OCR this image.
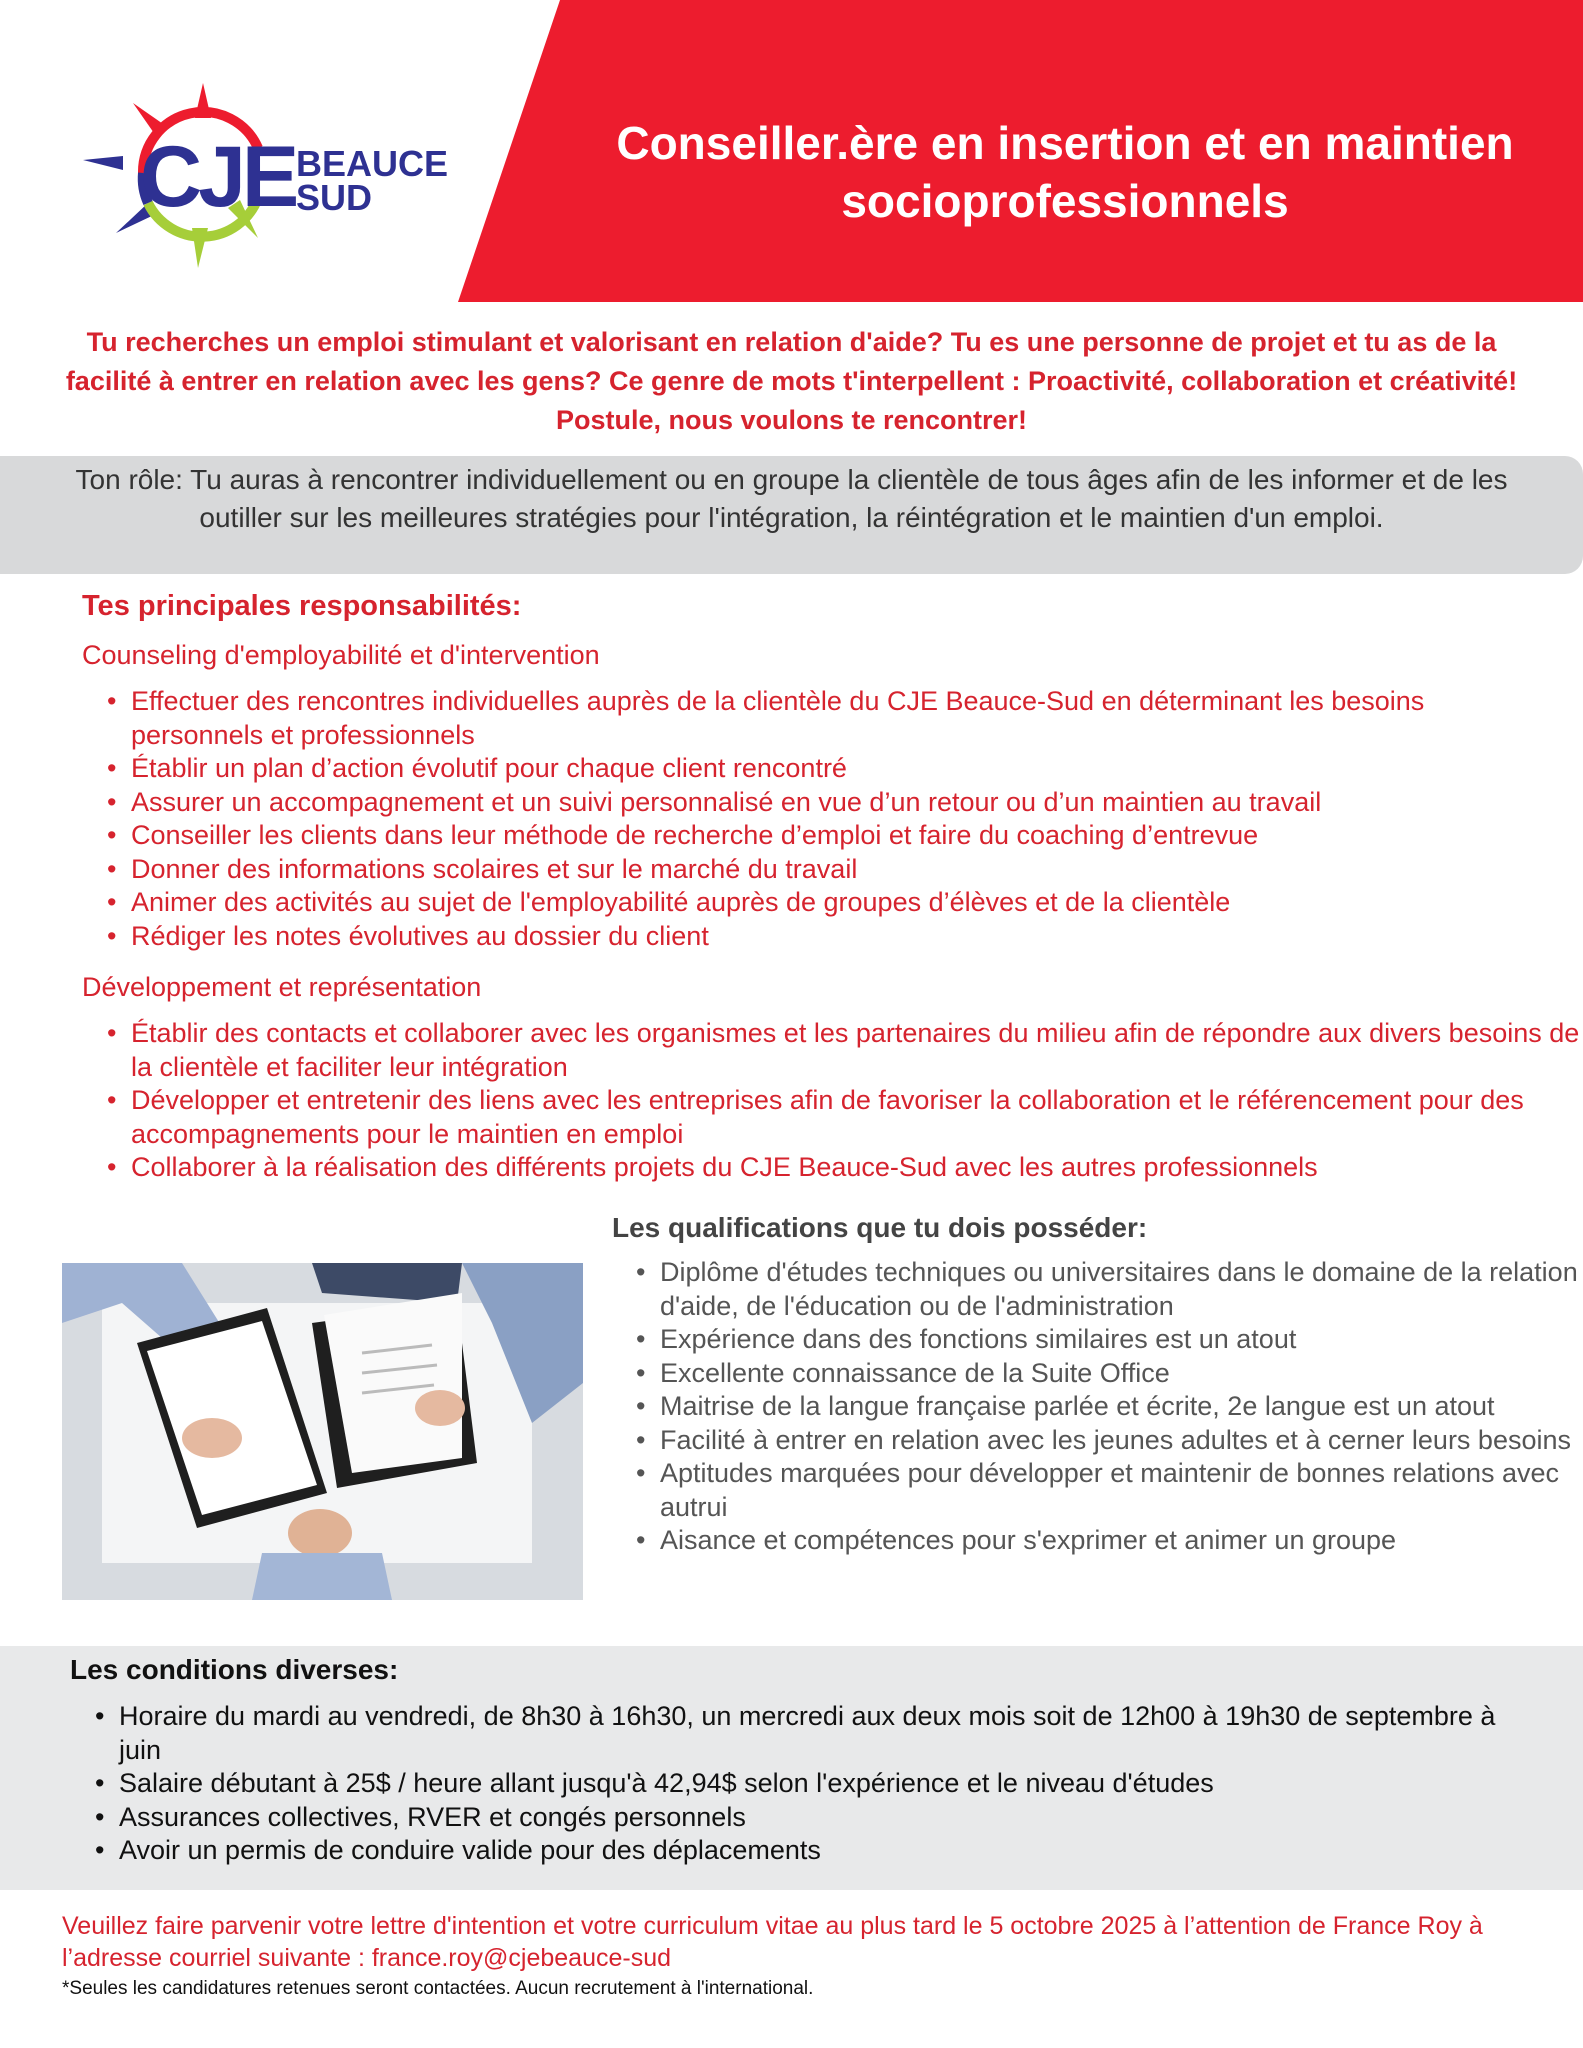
CJE BEAUCE
SUD
Conseiller.ère en insertion et en maintien socioprofessionnels

Tu recherches un emploi stimulant et valorisant en relation d'aide? Tu es une personne de projet et tu as de la facilité à entrer en relation avec les gens? Ce genre de mots t'interpellent : Proactivité, collaboration et créativité! Postule, nous voulons te rencontrer!

Ton rôle: Tu auras à rencontrer individuellement ou en groupe la clientèle de tous âges afin de les informer et de les outiller sur les meilleures stratégies pour l'intégration, la réintégration et le maintien d'un emploi.

Tes principales responsabilités:
Counseling d'employabilité et d'intervention
• Effectuer des rencontres individuelles auprès de la clientèle du CJE Beauce-Sud en déterminant les besoins personnels et professionnels
• Établir un plan d’action évolutif pour chaque client rencontré
• Assurer un accompagnement et un suivi personnalisé en vue d’un retour ou d’un maintien au travail
• Conseiller les clients dans leur méthode de recherche d’emploi et faire du coaching d’entrevue
• Donner des informations scolaires et sur le marché du travail
• Animer des activités au sujet de l'employabilité auprès de groupes d’élèves et de la clientèle
• Rédiger les notes évolutives au dossier du client
Développement et représentation
• Établir des contacts et collaborer avec les organismes et les partenaires du milieu afin de répondre aux divers besoins de la clientèle et faciliter leur intégration
• Développer et entretenir des liens avec les entreprises afin de favoriser la collaboration et le référencement pour des accompagnements pour le maintien en emploi
• Collaborer à la réalisation des différents projets du CJE Beauce-Sud avec les autres professionnels
Les qualifications que tu dois posséder:
• Diplôme d'études techniques ou universitaires dans le domaine de la relation d'aide, de l'éducation ou de l'administration
• Expérience dans des fonctions similaires est un atout
• Excellente connaissance de la Suite Office
• Maitrise de la langue française parlée et écrite, 2e langue est un atout
• Facilité à entrer en relation avec les jeunes adultes et à cerner leurs besoins
• Aptitudes marquées pour développer et maintenir de bonnes relations avec autrui
• Aisance et compétences pour s'exprimer et animer un groupe
Les conditions diverses:
• Horaire du mardi au vendredi, de 8h30 à 16h30, un mercredi aux deux mois soit de 12h00 à 19h30 de septembre à juin
• Salaire débutant à 25$ / heure allant jusqu'à 42,94$ selon l'expérience et le niveau d'études
• Assurances collectives, RVER et congés personnels
• Avoir un permis de conduire valide pour des déplacements

Veuillez faire parvenir votre lettre d'intention et votre curriculum vitae au plus tard le 5 octobre 2025 à l’attention de France Roy à l’adresse courriel suivante : france.roy@cjebeauce-sud

*Seules les candidatures retenues seront contactées. Aucun recrutement à l'international.
